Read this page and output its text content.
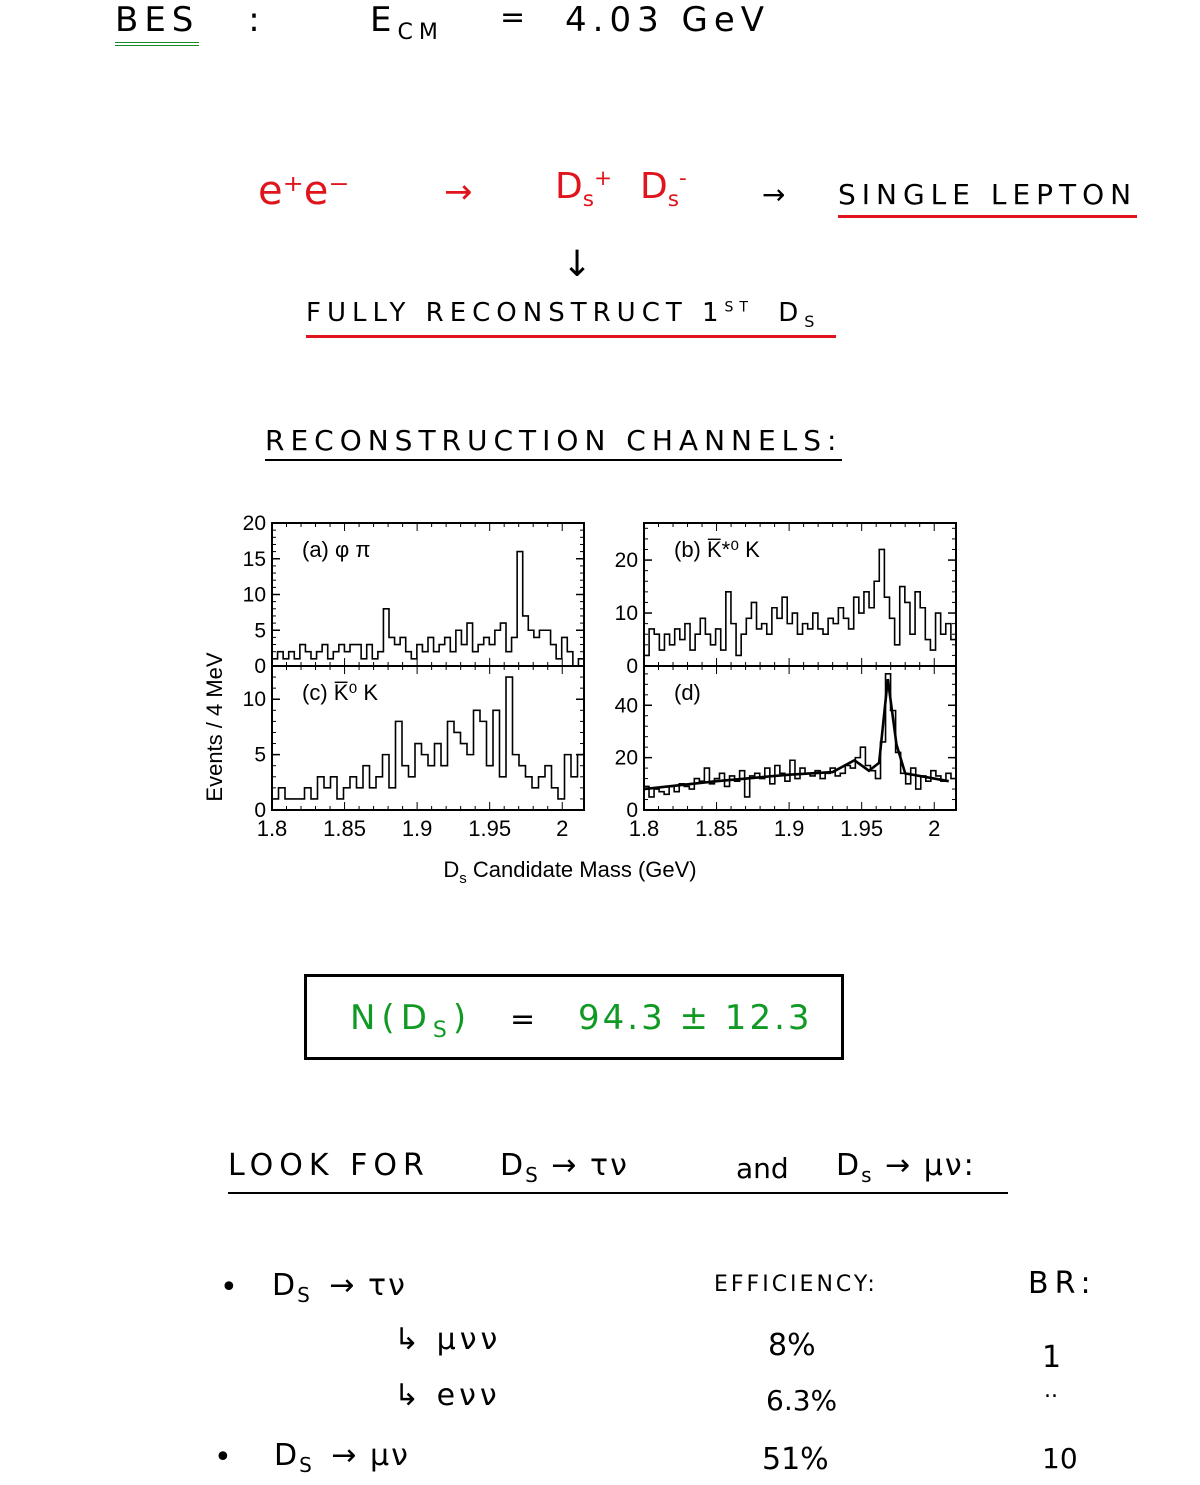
BES :	$E_{CM} = 4.03$ GeV
e⁺e⁻	→ $D_s^+$ $D_s^-$	→ SINGLE LEPTON
↓
FULLY RECONSTRUCT 1ST $D_S$
RECONSTRUCTION CHANNELS:
0
5
10
15
20
(a) φ π
0
10
20 (b) K̅*⁰ K
0
5
10 (c) K̅⁰ K
1.8 1.85 1.9 1.95 2
0
20
40
(d)
1.8 1.85 1.9 1.95 2
Events / 4 MeV
$D_s$ Candidate Mass (GeV)
$N(D_S) = 94.3 \pm 12.3$
LOOK FOR $D_S \to \tau\nu$	and $D_s \to \mu\nu$:
• $D_S \to \tau\nu$	EFFICIENCY:	BR:
↳ μνν	8%	1
↳ eνν	6.3%	..
• $D_S \to \mu\nu$	51%	10
